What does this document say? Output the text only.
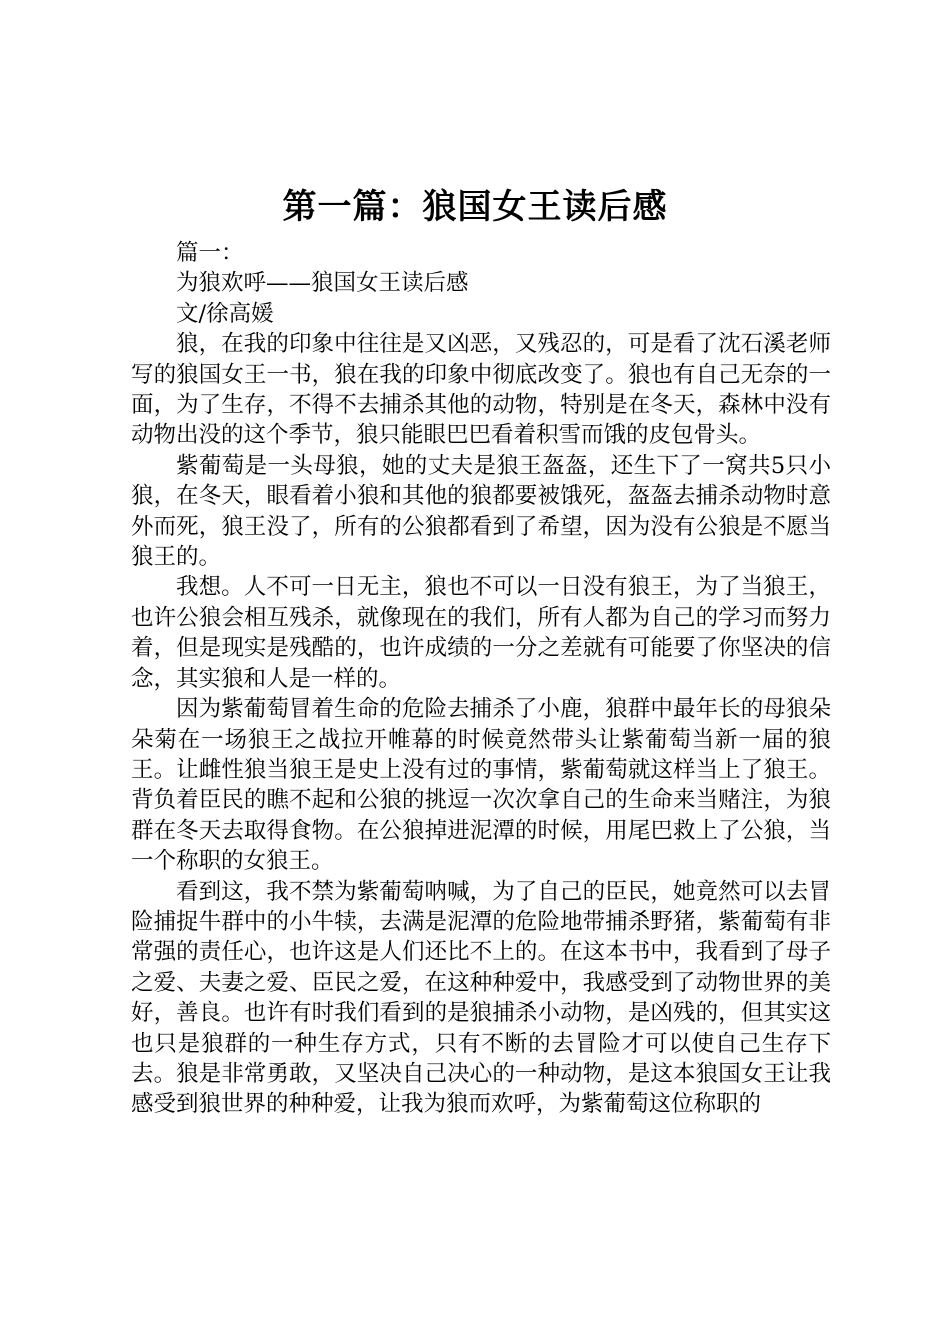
第一篇：狼国女王读后感

篇一：

为狼欢呼——狼国女王读后感

文/徐高媛

狼，在我的印象中往往是又凶恶，又残忍的，可是看了沈石溪老师写的狼国女王一书，狼在我的印象中彻底改变了。狼也有自己无奈的一面，为了生存，不得不去捕杀其他的动物，特别是在冬天，森林中没有动物出没的这个季节，狼只能眼巴巴看着积雪而饿的皮包骨头。

紫葡萄是一头母狼，她的丈夫是狼王盔盔，还生下了一窝共5只小狼，在冬天，眼看着小狼和其他的狼都要被饿死，盔盔去捕杀动物时意外而死，狼王没了，所有的公狼都看到了希望，因为没有公狼是不愿当狼王的。

我想。人不可一日无主，狼也不可以一日没有狼王，为了当狼王，也许公狼会相互残杀，就像现在的我们，所有人都为自己的学习而努力着，但是现实是残酷的，也许成绩的一分之差就有可能要了你坚决的信念，其实狼和人是一样的。

因为紫葡萄冒着生命的危险去捕杀了小鹿，狼群中最年长的母狼朵朵菊在一场狼王之战拉开帷幕的时候竟然带头让紫葡萄当新一届的狼王。让雌性狼当狼王是史上没有过的事情，紫葡萄就这样当上了狼王。背负着臣民的瞧不起和公狼的挑逗一次次拿自己的生命来当赌注，为狼群在冬天去取得食物。在公狼掉进泥潭的时候，用尾巴救上了公狼，当一个称职的女狼王。

看到这，我不禁为紫葡萄呐喊，为了自己的臣民，她竟然可以去冒险捕捉牛群中的小牛犊，去满是泥潭的危险地带捕杀野猪，紫葡萄有非常强的责任心，也许这是人们还比不上的。在这本书中，我看到了母子之爱、夫妻之爱、臣民之爱，在这种种爱中，我感受到了动物世界的美好，善良。也许有时我们看到的是狼捕杀小动物，是凶残的，但其实这也只是狼群的一种生存方式，只有不断的去冒险才可以使自己生存下去。狼是非常勇敢，又坚决自己决心的一种动物，是这本狼国女王让我感受到狼世界的种种爱，让我为狼而欢呼，为紫葡萄这位称职的
